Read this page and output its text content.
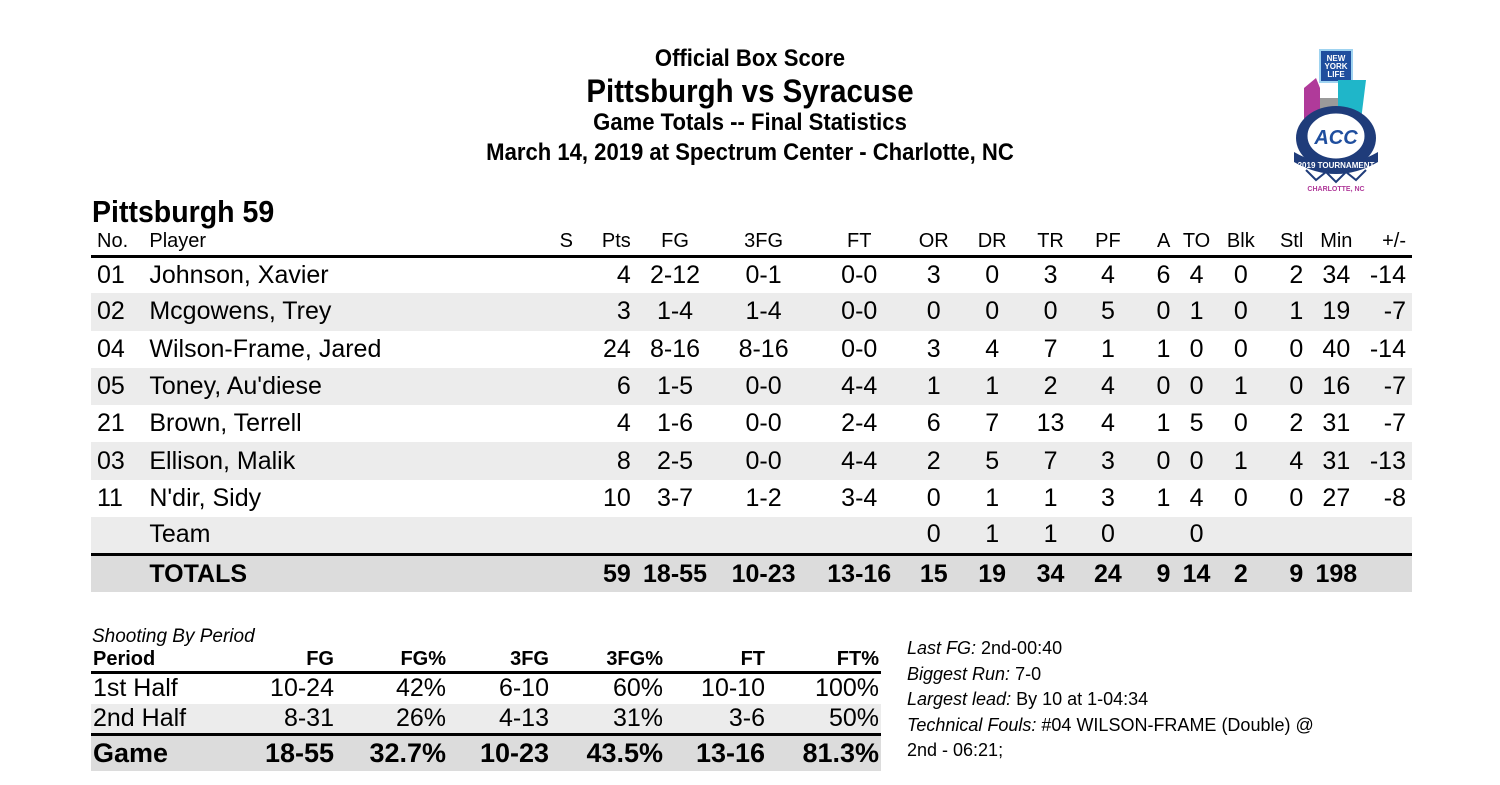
Official Box Score
Pittsburgh vs Syracuse
Game Totals -- Final Statistics
March 14, 2019 at Spectrum Center - Charlotte, NC
NEW
YORK
LIFE
ACC
2019 TOURNAMENT
CHARLOTTE, NC
Pittsburgh 59
No.	Player	S	Pts	FG	3FG	FT	OR	DR	TR	PF	A	TO	Blk	Stl	Min	+/-
01	Johnson, Xavier		4	2-12	0-1	0-0	3	0	3	4	6	4	0	2	34	-14
02	Mcgowens, Trey		3	1-4	1-4	0-0	0	0	0	5	0	1	0	1	19	-7
04	Wilson-Frame, Jared		24	8-16	8-16	0-0	3	4	7	1	1	0	0	0	40	-14
05	Toney, Au'diese		6	1-5	0-0	4-4	1	1	2	4	0	0	1	0	16	-7
21	Brown, Terrell		4	1-6	0-0	2-4	6	7	13	4	1	5	0	2	31	-7
03	Ellison, Malik		8	2-5	0-0	4-4	2	5	7	3	0	0	1	4	31	-13
11	N'dir, Sidy		10	3-7	1-2	3-4	0	1	1	3	1	4	0	0	27	-8
	Team						0	1	1	0		0				
	TOTALS		59	18-55	10-23	13-16	15	19	34	24	9	14	2	9	198	
Shooting By Period
Period	FG	FG%	3FG	3FG%	FT	FT%
1st Half	10-24	42%	6-10	60%	10-10	100%
2nd Half	8-31	26%	4-13	31%	3-6	50%
Game	18-55	32.7%	10-23	43.5%	13-16	81.3%
Last FG: 2nd-00:40
Biggest Run: 7-0
Largest lead: By 10 at 1-04:34
Technical Fouls: #04 WILSON-FRAME (Double) @
2nd - 06:21;
